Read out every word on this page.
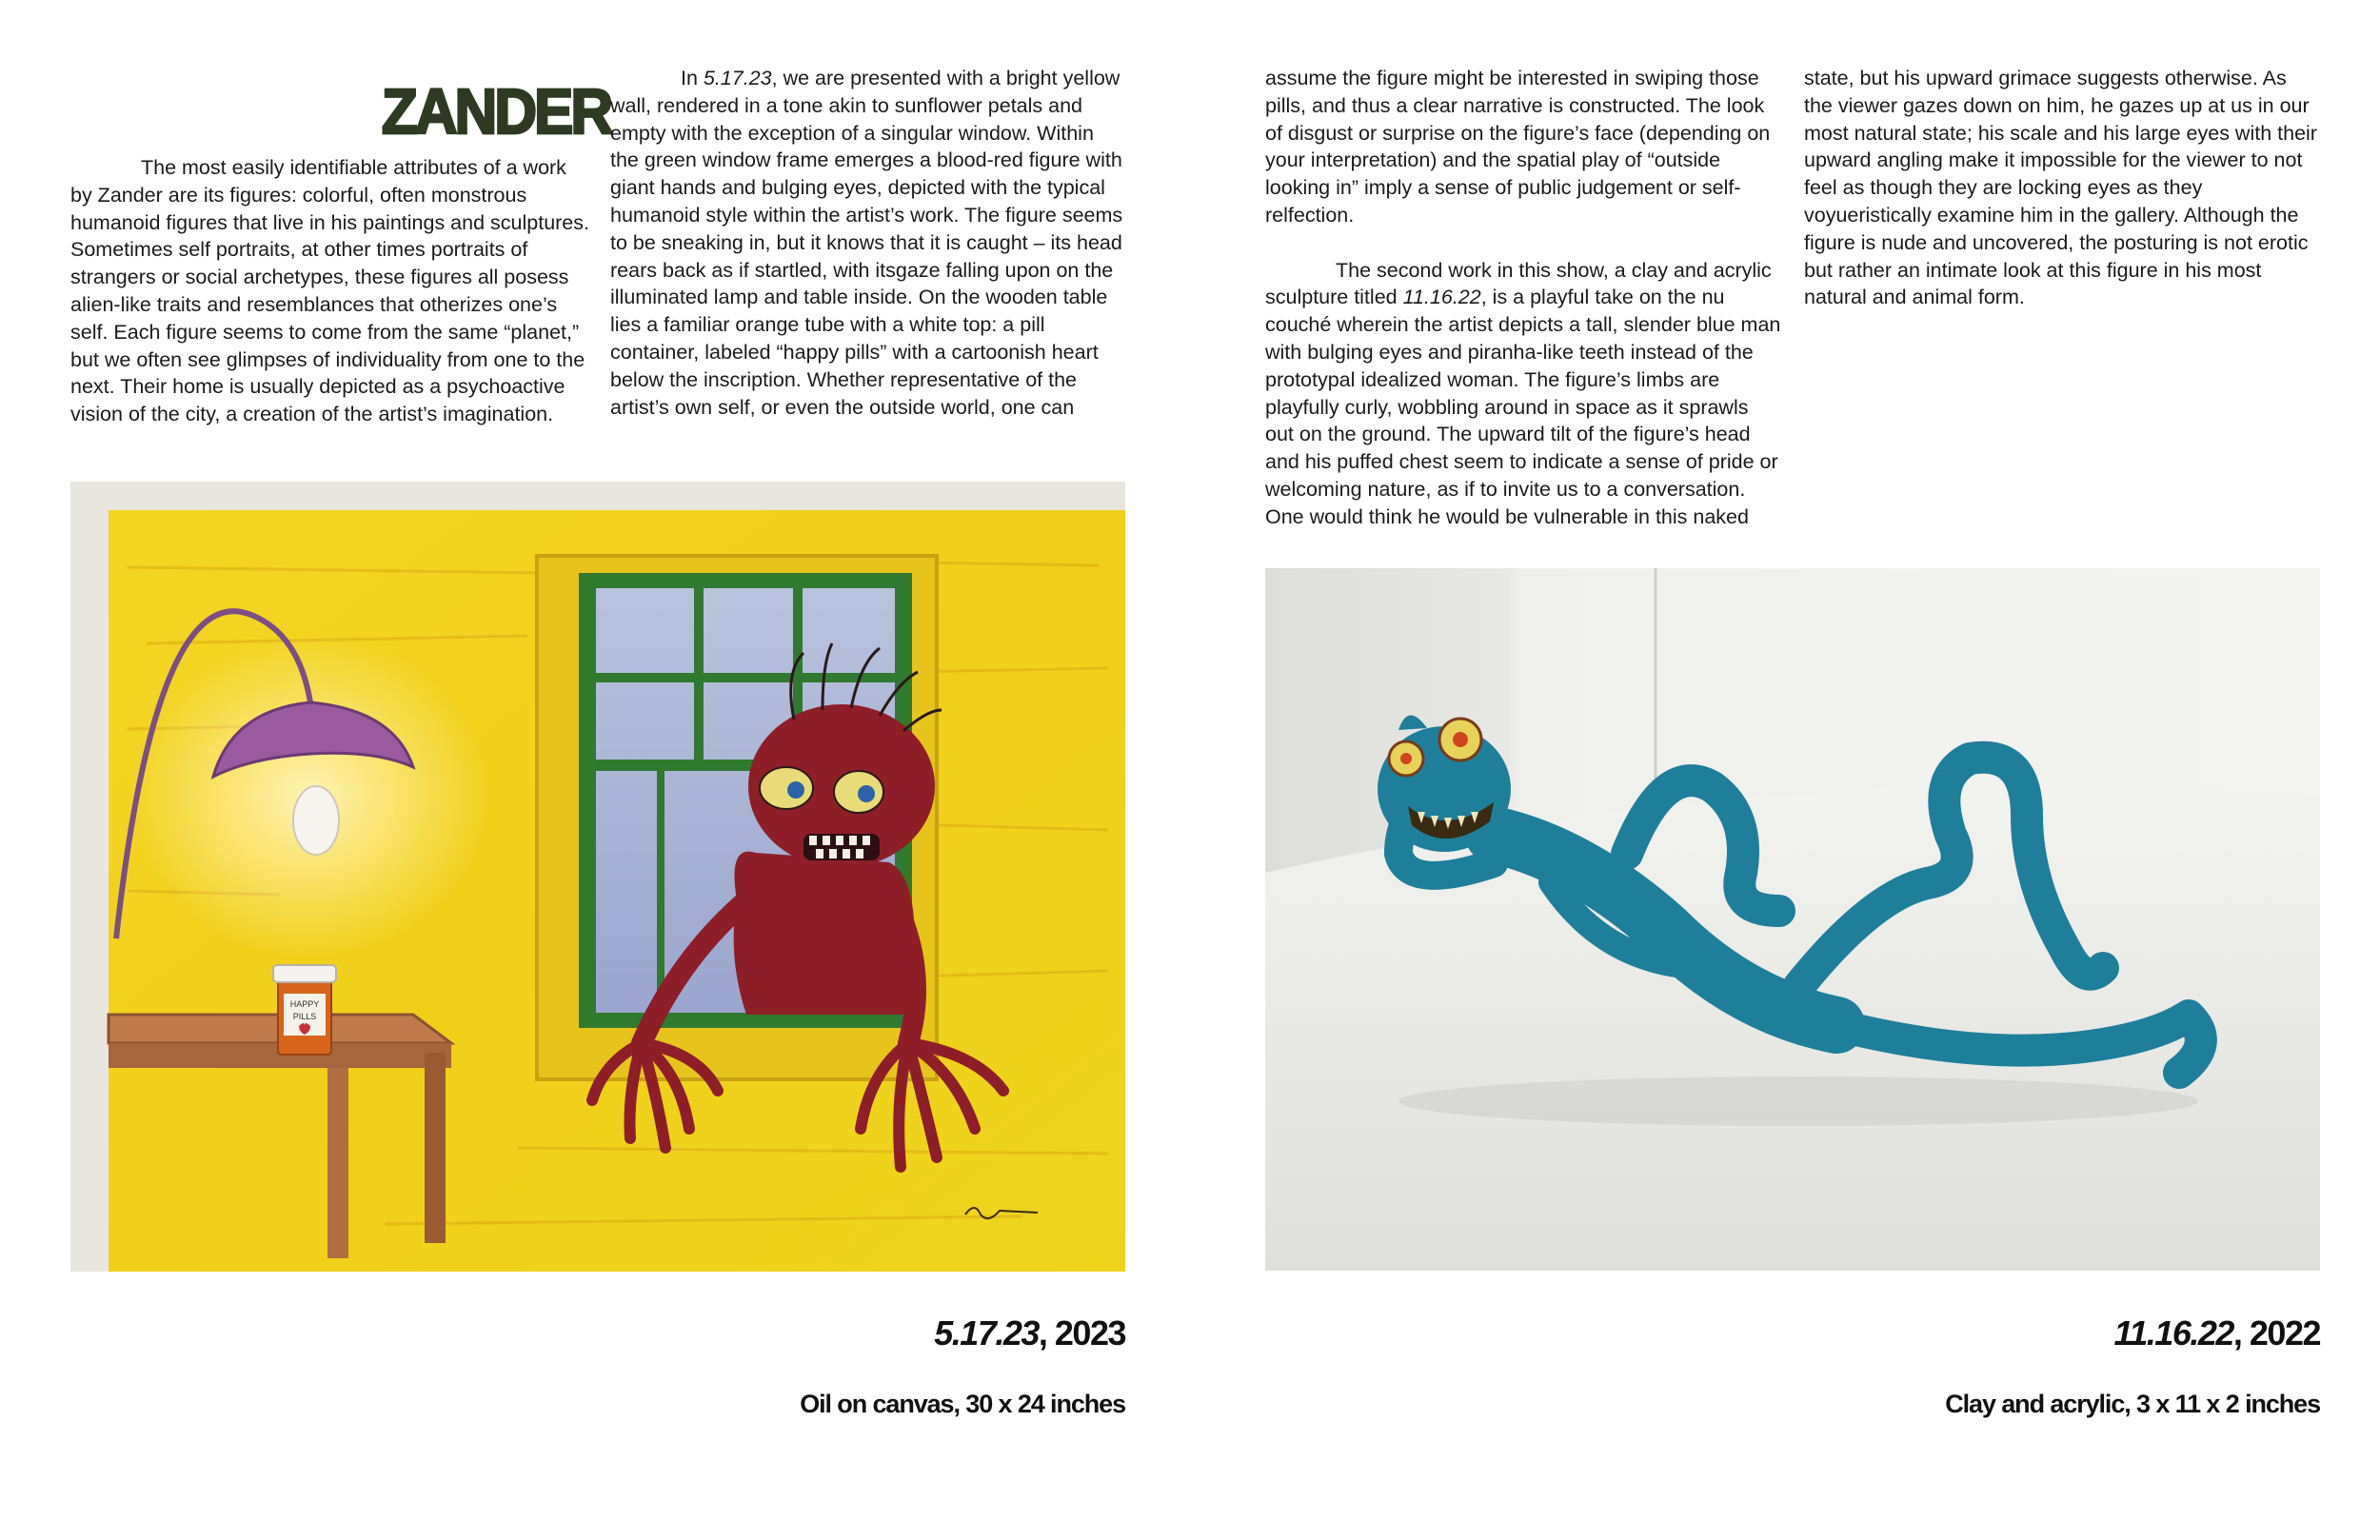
ZANDER

The most easily identifiable attributes of a work by Zander are its figures: colorful, often monstrous humanoid figures that live in his paintings and sculptures. Sometimes self portraits, at other times portraits of strangers or social archetypes, these figures all posess alien-like traits and resemblances that otherizes one’s self. Each figure seems to come from the same “planet,” but we often see glimpses of individuality from one to the next. Their home is usually depicted as a psychoactive vision of the city, a creation of the artist’s imagination.

In 5.17.23, we are presented with a bright yellow wall, rendered in a tone akin to sunflower petals and empty with the exception of a singular window. Within the green window frame emerges a blood-red figure with giant hands and bulging eyes, depicted with the typical humanoid style within the artist’s work. The figure seems to be sneaking in, but it knows that it is caught – its head rears back as if startled, with itsgaze falling upon on the illuminated lamp and table inside. On the wooden table lies a familiar orange tube with a white top: a pill container, labeled “happy pills” with a cartoonish heart below the inscription. Whether representative of the artist’s own self, or even the outside world, one can

HAPPY
PILLS
5.17.23, 2023
Oil on canvas, 30 x 24 inches

assume the figure might be interested in swiping those pills, and thus a clear narrative is constructed. The look of disgust or surprise on the figure’s face (depending on your interpretation) and the spatial play of “outside looking in” imply a sense of public judgement or self-relfection.

The second work in this show, a clay and acrylic sculpture titled 11.16.22, is a playful take on the nu couché wherein the artist depicts a tall, slender blue man with bulging eyes and piranha-like teeth instead of the prototypal idealized woman. The figure’s limbs are playfully curly, wobbling around in space as it sprawls out on the ground. The upward tilt of the figure’s head and his puffed chest seem to indicate a sense of pride or welcoming nature, as if to invite us to a conversation. One would think he would be vulnerable in this naked

state, but his upward grimace suggests otherwise. As the viewer gazes down on him, he gazes up at us in our most natural state; his scale and his large eyes with their upward angling make it impossible for the viewer to not feel as though they are locking eyes as they voyueristically examine him in the gallery. Although the figure is nude and uncovered, the posturing is not erotic but rather an intimate look at this figure in his most natural and animal form.

11.16.22, 2022
Clay and acrylic, 3 x 11 x 2 inches
